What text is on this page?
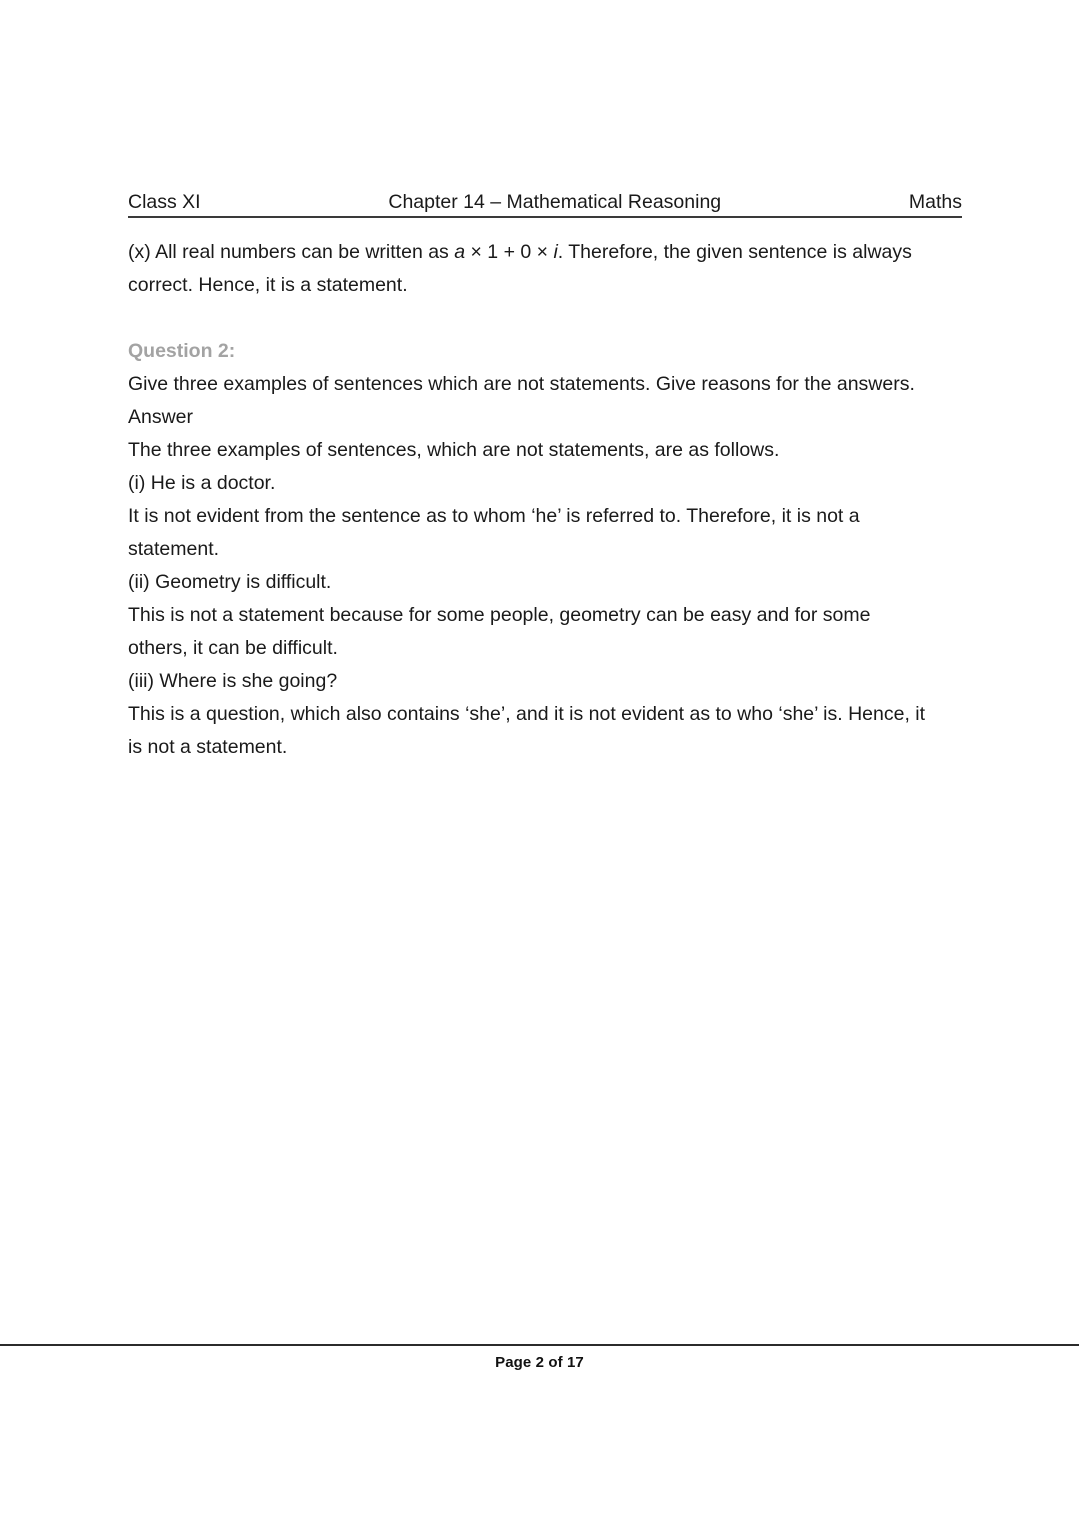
Class XI	Chapter 14 – Mathematical Reasoning	Maths

(x) All real numbers can be written as a × 1 + 0 × i. Therefore, the given sentence is always correct. Hence, it is a statement.

Question 2:

Give three examples of sentences which are not statements. Give reasons for the answers.

Answer

The three examples of sentences, which are not statements, are as follows.

(i) He is a doctor.

It is not evident from the sentence as to whom ‘he’ is referred to. Therefore, it is not a statement.

(ii) Geometry is difficult.

This is not a statement because for some people, geometry can be easy and for some others, it can be difficult.

(iii) Where is she going?

This is a question, which also contains ‘she’, and it is not evident as to who ‘she’ is. Hence, it is not a statement.

Page 2 of 17
